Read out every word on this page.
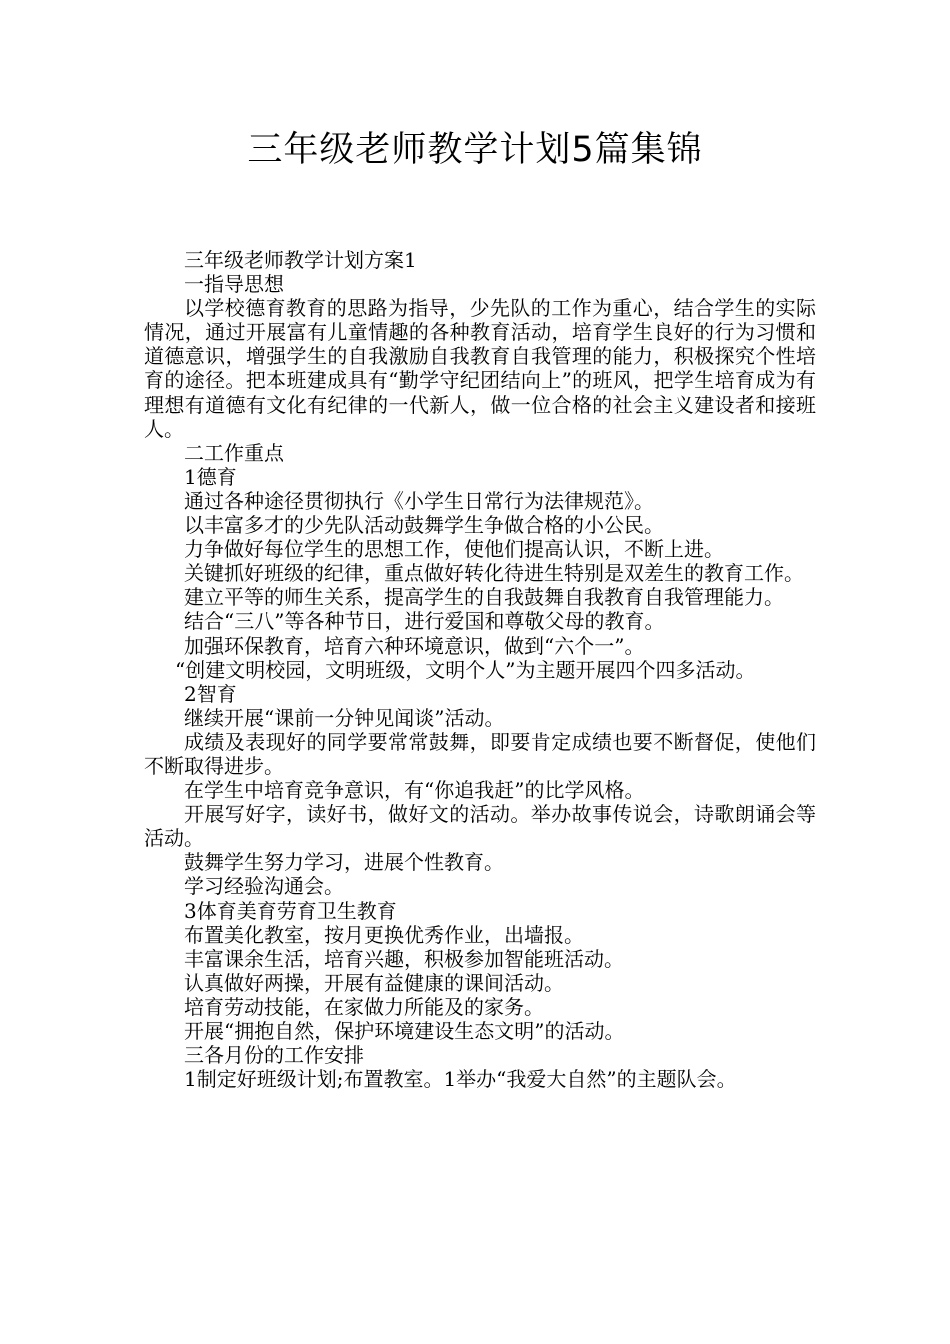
三年级老师教学计划5篇集锦

三年级老师教学计划方案1

一指导思想

以学校德育教育的思路为指导，少先队的工作为重心，结合学生的实际情况，通过开展富有儿童情趣的各种教育活动，培育学生良好的行为习惯和道德意识，增强学生的自我激励自我教育自我管理的能力，积极探究个性培育的途径。把本班建成具有“勤学守纪团结向上”的班风，把学生培育成为有理想有道德有文化有纪律的一代新人，做一位合格的社会主义建设者和接班人。

二工作重点

1德育

通过各种途径贯彻执行《小学生日常行为法律规范》。

以丰富多才的少先队活动鼓舞学生争做合格的小公民。

力争做好每位学生的思想工作，使他们提高认识，不断上进。

关键抓好班级的纪律，重点做好转化待进生特别是双差生的教育工作。

建立平等的师生关系，提高学生的自我鼓舞自我教育自我管理能力。

结合“三八”等各种节日，进行爱国和尊敬父母的教育。

加强环保教育，培育六种环境意识，做到“六个一”。

“创建文明校园，文明班级，文明个人”为主题开展四个四多活动。

2智育

继续开展“课前一分钟见闻谈”活动。

成绩及表现好的同学要常常鼓舞，即要肯定成绩也要不断督促，使他们不断取得进步。

在学生中培育竞争意识，有“你追我赶”的比学风格。

开展写好字，读好书，做好文的活动。举办故事传说会，诗歌朗诵会等活动。

鼓舞学生努力学习，进展个性教育。

学习经验沟通会。

3体育美育劳育卫生教育

布置美化教室，按月更换优秀作业，出墙报。

丰富课余生活，培育兴趣，积极参加智能班活动。

认真做好两操，开展有益健康的课间活动。

培育劳动技能，在家做力所能及的家务。

开展“拥抱自然，保护环境建设生态文明”的活动。

三各月份的工作安排

1制定好班级计划;布置教室。1举办“我爱大自然”的主题队会。
